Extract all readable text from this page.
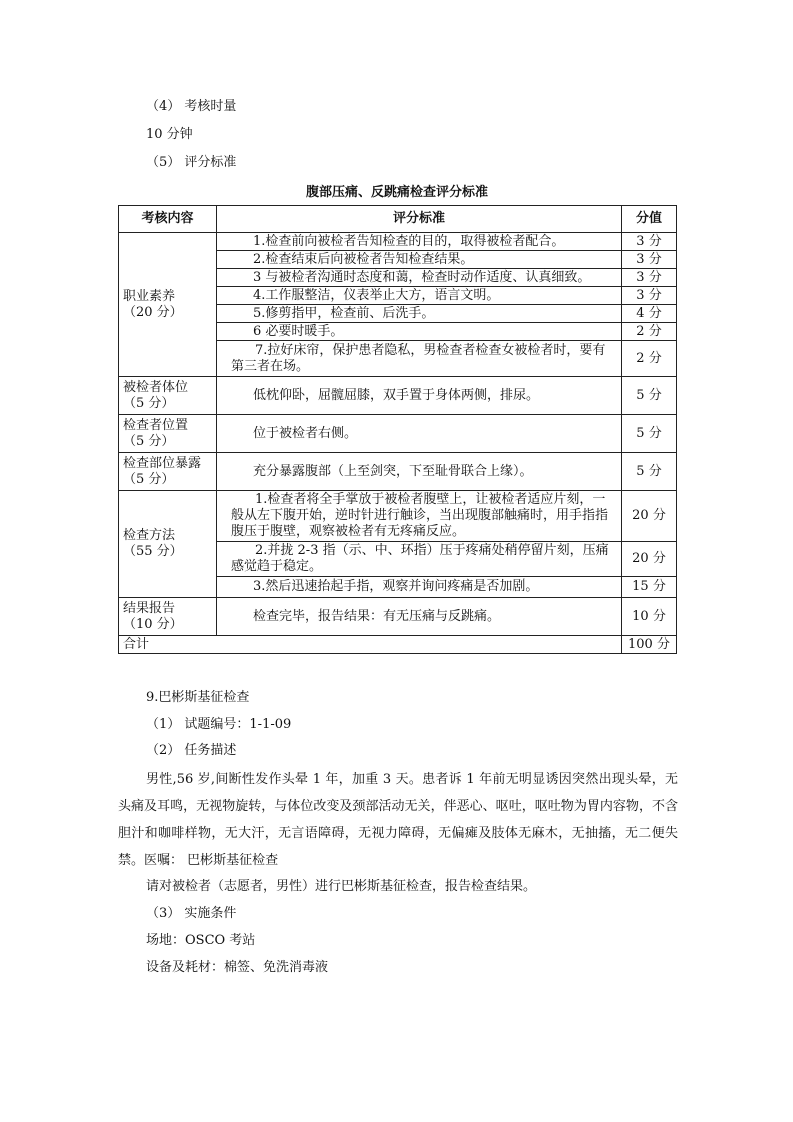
（4） 考核时量
10 分钟
（5） 评分标准
腹部压痛、反跳痛检查评分标准
考核内容	评分标准	分值
职业素养
（20 分）	1.检查前向被检者告知检查的目的，取得被检者配合。	3 分
	2.检查结束后向被检者告知检查结果。	3 分
	3 与被检者沟通时态度和蔼，检查时动作适度、认真细致。	3 分
	4.工作服整洁，仪表举止大方，语言文明。	3 分
	5.修剪指甲，检查前、后洗手。	4 分
	6 必要时暖手。	2 分
	7.拉好床帘，保护患者隐私，男检查者检查女被检者时，要有第三者在场。	2 分
被检者体位
（5 分）	低枕仰卧，屈髋屈膝，双手置于身体两侧，排尿。	5 分
检查者位置
（5 分）	位于被检者右侧。	5 分
检查部位暴露
（5 分）	充分暴露腹部（上至剑突，下至耻骨联合上缘）。	5 分
检查方法
（55 分）	1.检查者将全手掌放于被检者腹壁上，让被检者适应片刻，一般从左下腹开始，逆时针进行触诊，当出现腹部触痛时，用手指指腹压于腹壁，观察被检者有无疼痛反应。	20 分
	2.并拢 2-3 指（示、中、环指）压于疼痛处稍停留片刻，压痛感觉趋于稳定。	20 分
	3.然后迅速抬起手指，观察并询问疼痛是否加剧。	15 分
结果报告
（10 分）	检查完毕，报告结果：有无压痛与反跳痛。	10 分
合计		100 分
9.巴彬斯基征检查
（1） 试题编号：1-1-09
（2） 任务描述
男性,56 岁,间断性发作头晕 1 年，加重 3 天。患者诉 1 年前无明显诱因突然出现头晕，无头痛及耳鸣，无视物旋转，与体位改变及颈部活动无关，伴恶心、呕吐，呕吐物为胃内容物，不含胆汁和咖啡样物，无大汗，无言语障碍，无视力障碍，无偏瘫及肢体无麻木，无抽搐，无二便失禁。医嘱： 巴彬斯基征检查
请对被检者（志愿者，男性）进行巴彬斯基征检查，报告检查结果。
（3） 实施条件
场地：OSCO 考站
设备及耗材：棉签、免洗消毒液
